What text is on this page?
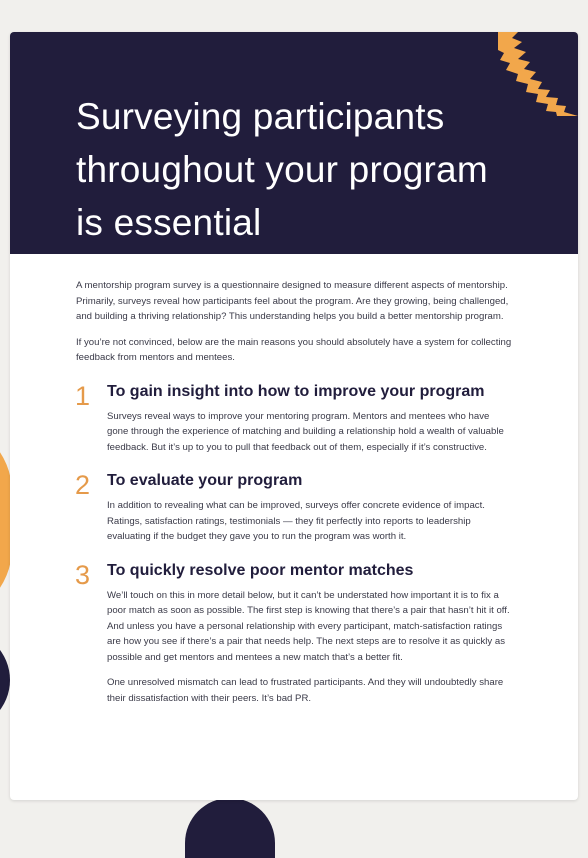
Surveying participants throughout your program is essential

A mentorship program survey is a questionnaire designed to measure different aspects of mentorship. Primarily, surveys reveal how participants feel about the program. Are they growing, being challenged, and building a thriving relationship? This understanding helps you build a better mentorship program.

If you’re not convinced, below are the main reasons you should absolutely have a system for collecting feedback from mentors and mentees.

1 To gain insight into how to improve your program

Surveys reveal ways to improve your mentoring program. Mentors and mentees who have gone through the experience of matching and building a relationship hold a wealth of valuable feedback. But it’s up to you to pull that feedback out of them, especially if it’s constructive.

2 To evaluate your program

In addition to revealing what can be improved, surveys offer concrete evidence of impact. Ratings, satisfaction ratings, testimonials — they fit perfectly into reports to leadership evaluating if the budget they gave you to run the program was worth it.

3 To quickly resolve poor mentor matches

We’ll touch on this in more detail below, but it can’t be understated how important it is to fix a poor match as soon as possible. The first step is knowing that there’s a pair that hasn’t hit it off. And unless you have a personal relationship with every participant, match-satisfaction ratings are how you see if there’s a pair that needs help. The next steps are to resolve it as quickly as possible and get mentors and mentees a new match that’s a better fit.

One unresolved mismatch can lead to frustrated participants. And they will undoubtedly share their dissatisfaction with their peers. It’s bad PR.
